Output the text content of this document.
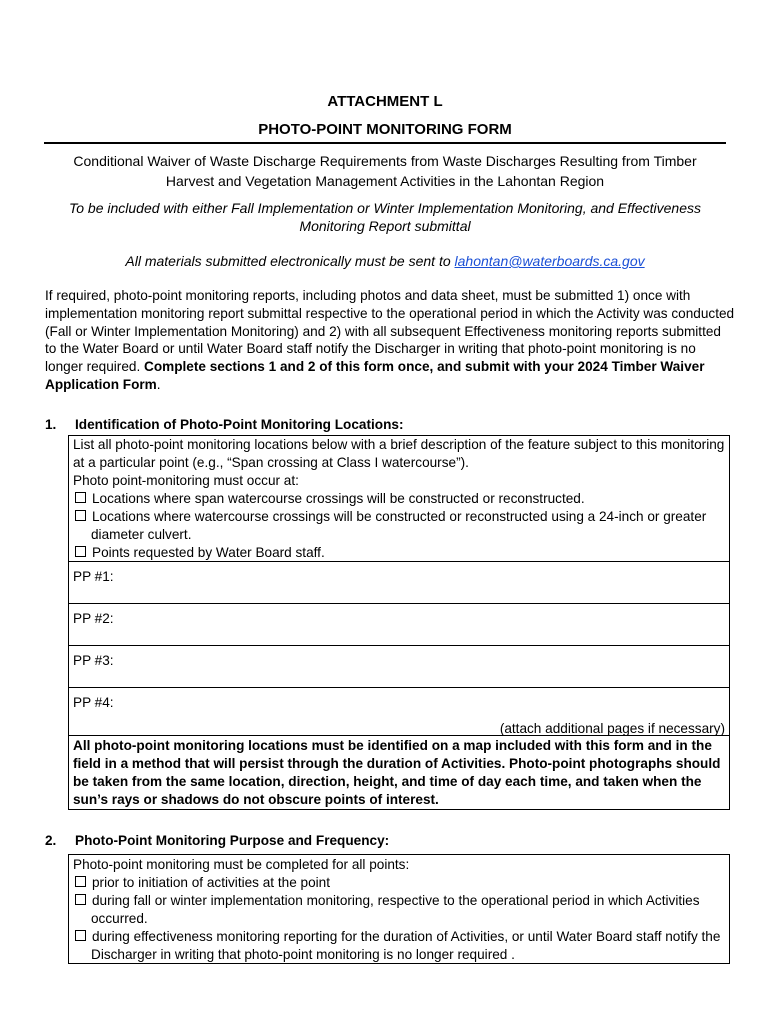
ATTACHMENT L
PHOTO-POINT MONITORING FORM
Conditional Waiver of Waste Discharge Requirements from Waste Discharges Resulting from Timber Harvest and Vegetation Management Activities in the Lahontan Region
To be included with either Fall Implementation or Winter Implementation Monitoring, and Effectiveness Monitoring Report submittal
All materials submitted electronically must be sent to lahontan@waterboards.ca.gov
If required, photo-point monitoring reports, including photos and data sheet, must be submitted 1) once with implementation monitoring report submittal respective to the operational period in which the Activity was conducted (Fall or Winter Implementation Monitoring) and 2) with all subsequent Effectiveness monitoring reports submitted to the Water Board or until Water Board staff notify the Discharger in writing that photo-point monitoring is no longer required. Complete sections 1 and 2 of this form once, and submit with your 2024 Timber Waiver Application Form.
1. Identification of Photo-Point Monitoring Locations:
List all photo-point monitoring locations below with a brief description of the feature subject to this monitoring at a particular point (e.g., “Span crossing at Class I watercourse”).
Photo point-monitoring must occur at:
Locations where span watercourse crossings will be constructed or reconstructed.
Locations where watercourse crossings will be constructed or reconstructed using a 24-inch or greater diameter culvert.
Points requested by Water Board staff.
PP #1:
PP #2:
PP #3:
PP #4:
(attach additional pages if necessary)
All photo-point monitoring locations must be identified on a map included with this form and in the field in a method that will persist through the duration of Activities. Photo-point photographs should be taken from the same location, direction, height, and time of day each time, and taken when the sun’s rays or shadows do not obscure points of interest.
2. Photo-Point Monitoring Purpose and Frequency:
Photo-point monitoring must be completed for all points:
prior to initiation of activities at the point
during fall or winter implementation monitoring, respective to the operational period in which Activities occurred.
during effectiveness monitoring reporting for the duration of Activities, or until Water Board staff notify the Discharger in writing that photo-point monitoring is no longer required .
